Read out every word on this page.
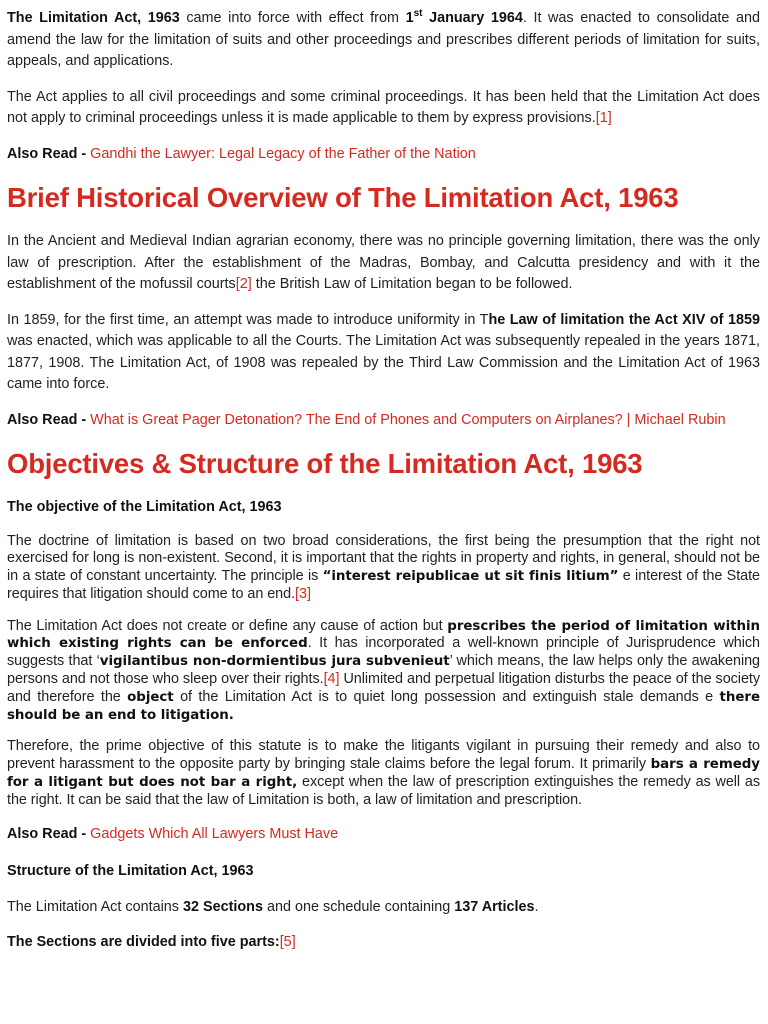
The Limitation Act, 1963 came into force with effect from 1st January 1964. It was enacted to consolidate and amend the law for the limitation of suits and other proceedings and prescribes different periods of limitation for suits, appeals, and applications.

The Act applies to all civil proceedings and some criminal proceedings. It has been held that the Limitation Act does not apply to criminal proceedings unless it is made applicable to them by express provisions.[1]

Also Read - Gandhi the Lawyer: Legal Legacy of the Father of the Nation

Brief Historical Overview of The Limitation Act, 1963

In the Ancient and Medieval Indian agrarian economy, there was no principle governing limitation, there was the only law of prescription. After the establishment of the Madras, Bombay, and Calcutta presidency and with it the establishment of the mofussil courts[2] the British Law of Limitation began to be followed.

In 1859, for the first time, an attempt was made to introduce uniformity in The Law of limitation the Act XIV of 1859 was enacted, which was applicable to all the Courts. The Limitation Act was subsequently repealed in the years 1871, 1877, 1908. The Limitation Act, of 1908 was repealed by the Third Law Commission and the Limitation Act of 1963 came into force.

Also Read - What is Great Pager Detonation? The End of Phones and Computers on Airplanes? | Michael Rubin

Objectives & Structure of the Limitation Act, 1963

The objective of the Limitation Act, 1963

The doctrine of limitation is based on two broad considerations, the first being the presumption that the right not exercised for long is non-existent. Second, it is important that the rights in property and rights, in general, should not be in a state of constant uncertainty. The principle is “interest reipublicae ut sit finis litium” e interest of the State requires that litigation should come to an end.[3]

The Limitation Act does not create or define any cause of action but prescribes the period of limitation within which existing rights can be enforced. It has incorporated a well-known principle of Jurisprudence which suggests that ‘vigilantibus non-dormientibus jura subvenieut’ which means, the law helps only the awakening persons and not those who sleep over their rights.[4] Unlimited and perpetual litigation disturbs the peace of the society and therefore the object of the Limitation Act is to quiet long possession and extinguish stale demands e there should be an end to litigation.

Therefore, the prime objective of this statute is to make the litigants vigilant in pursuing their remedy and also to prevent harassment to the opposite party by bringing stale claims before the legal forum. It primarily bars a remedy for a litigant but does not bar a right, except when the law of prescription extinguishes the remedy as well as the right. It can be said that the law of Limitation is both, a law of limitation and prescription.

Also Read - Gadgets Which All Lawyers Must Have

Structure of the Limitation Act, 1963

The Limitation Act contains 32 Sections and one schedule containing 137 Articles.

The Sections are divided into five parts:[5]
